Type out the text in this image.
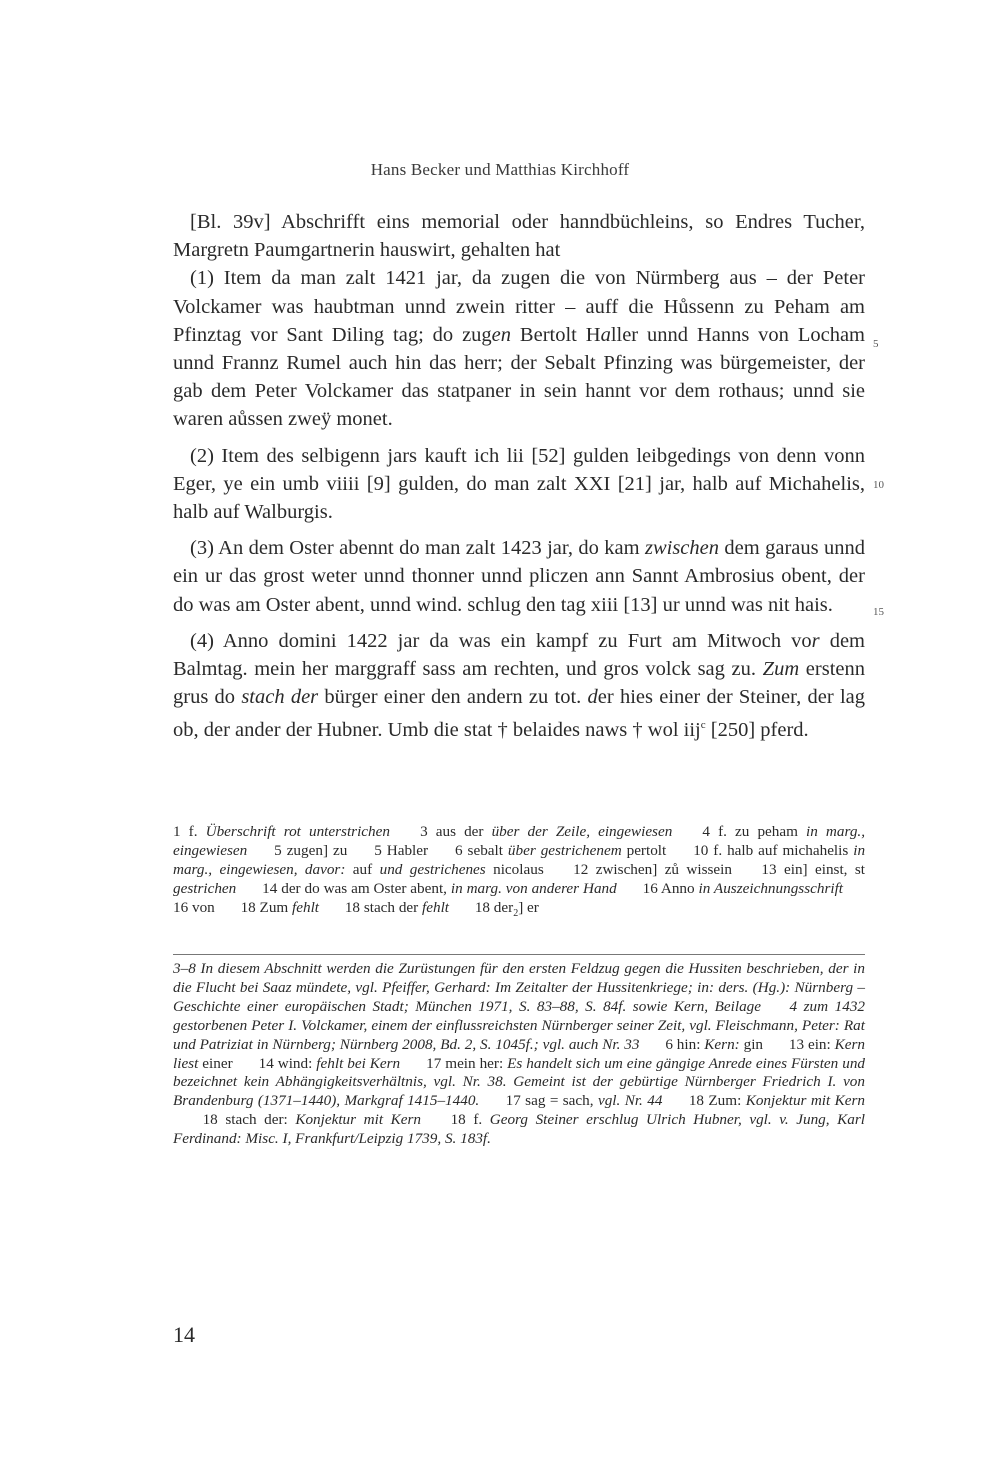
Hans Becker und Matthias Kirchhoff

[Bl. 39v] Abschrifft eins memorial oder hanndbüchleins, so Endres Tucher, Margretn Paumgartnerin hauswirt, gehalten hat

(1) Item da man zalt 1421 jar, da zugen die von Nürmberg aus – der Peter Volckamer was haubtman unnd zwein ritter – auff die Hůssenn zu Peham am Pfinztag vor Sant Diling tag; do zugen Bertolt Haller unnd Hanns von Locham unnd Frannz Rumel auch hin das herr; der Sebalt Pfinzing was bürgemeister, der gab dem Peter Volckamer das statpaner in sein hannt vor dem rothaus; unnd sie waren aůssen zweÿ monet.

(2) Item des selbigenn jars kauft ich lii [52] gulden leibgedings von denn vonn Eger, ye ein umb viiii [9] gulden, do man zalt XXI [21] jar, halb auf Michahelis, halb auf Walburgis.

(3) An dem Oster abennt do man zalt 1423 jar, do kam zwischen dem garaus unnd ein ur das grost weter unnd thonner unnd pliczen ann Sannt Ambrosius obent, der do was am Oster abent, unnd wind. schlug den tag xiii [13] ur unnd was nit hais.

(4) Anno domini 1422 jar da was ein kampf zu Furt am Mitwoch vor dem Balmtag. mein her marggraff sass am rechten, und gros volck sag zu. Zum erstenn grus do stach der bürger einer den andern zu tot. der hies einer der Steiner, der lag ob, der ander der Hubner. Umb die stat † belaides naws † wol iij$^c$ [250] pferd.

5
10
15
1 f. Überschrift rot unterstrichen 3 aus der über der Zeile, eingewiesen 4 f. zu peham in marg., eingewiesen 5 zugen] zu 5 Habler 6 sebalt über gestrichenem pertolt 10 f. halb auf michahelis in marg., eingewiesen, davor: auf und gestrichenes nicolaus 12 zwischen] zů wissein 13 ein] einst, st gestrichen 14 der do was am Oster abent, in marg. von anderer Hand 16 Anno in Auszeichnungsschrift 16 von 18 Zum fehlt 18 stach der fehlt 18 der$_2$] er

3–8 In diesem Abschnitt werden die Zurüstungen für den ersten Feldzug gegen die Hussiten beschrieben, der in die Flucht bei Saaz mündete, vgl. Pfeiffer, Gerhard: Im Zeitalter der Hussitenkriege; in: ders. (Hg.): Nürnberg – Geschichte einer europäischen Stadt; München 1971, S. 83–88, S. 84f. sowie Kern, Beilage 4 zum 1432 gestorbenen Peter I. Volckamer, einem der einflussreichsten Nürnberger seiner Zeit, vgl. Fleischmann, Peter: Rat und Patriziat in Nürnberg; Nürnberg 2008, Bd. 2, S. 1045f.; vgl. auch Nr. 33 6 hin: Kern: gin 13 ein: Kern liest einer 14 wind: fehlt bei Kern 17 mein her: Es handelt sich um eine gängige Anrede eines Fürsten und bezeichnet kein Abhängigkeitsverhältnis, vgl. Nr. 38. Gemeint ist der gebürtige Nürnberger Friedrich I. von Brandenburg (1371–1440), Markgraf 1415–1440. 17 sag = sach, vgl. Nr. 44 18 Zum: Konjektur mit Kern 18 stach der: Konjektur mit Kern 18 f. Georg Steiner erschlug Ulrich Hubner, vgl. v. Jung, Karl Ferdinand: Misc. I, Frankfurt/Leipzig 1739, S. 183f.

14
